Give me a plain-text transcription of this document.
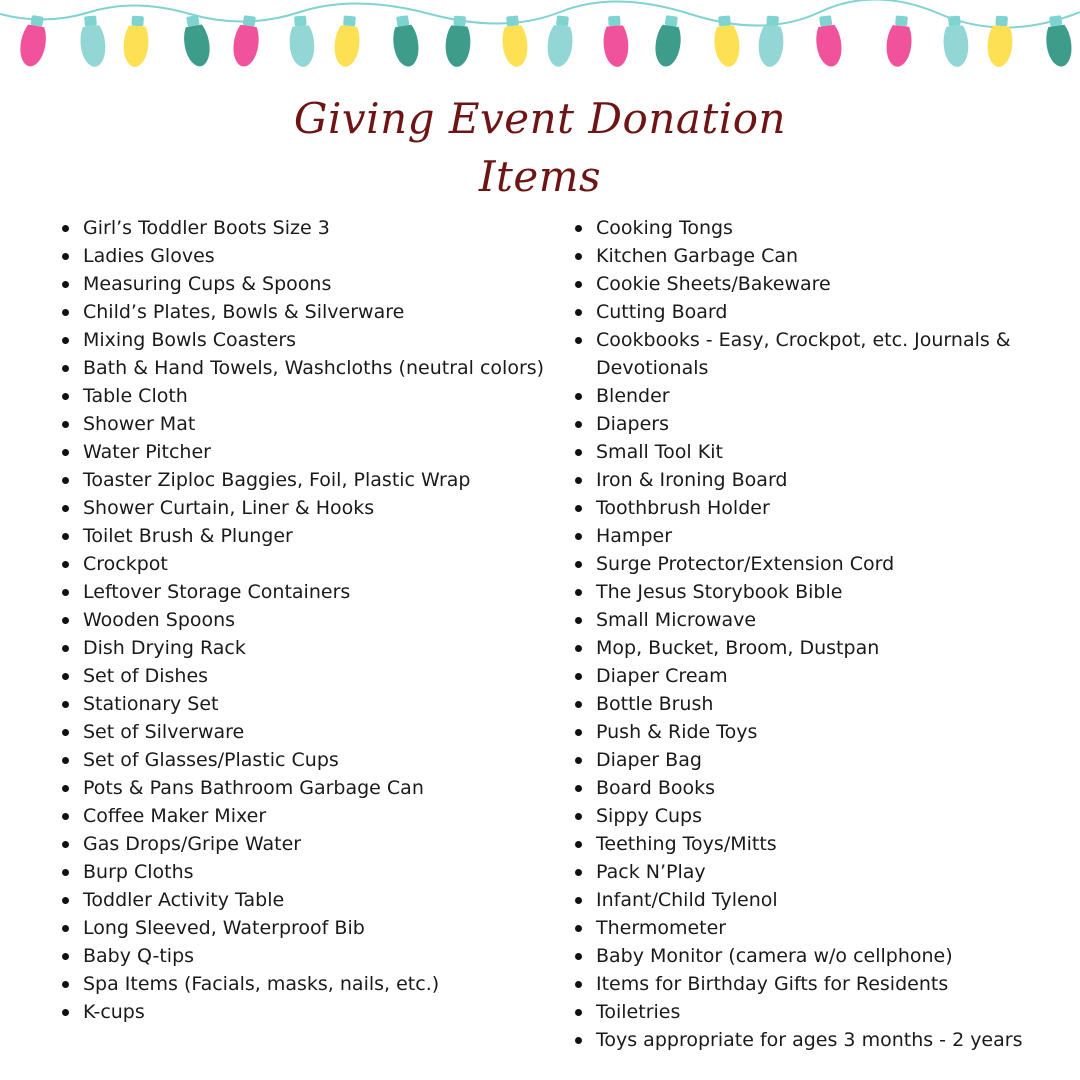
Giving Event Donation
Items
Girl’s Toddler Boots Size 3
Ladies Gloves
Measuring Cups & Spoons
Child’s Plates, Bowls & Silverware
Mixing Bowls Coasters
Bath & Hand Towels, Washcloths (neutral colors)
Table Cloth
Shower Mat
Water Pitcher
Toaster Ziploc Baggies, Foil, Plastic Wrap
Shower Curtain, Liner & Hooks
Toilet Brush & Plunger
Crockpot
Leftover Storage Containers
Wooden Spoons
Dish Drying Rack
Set of Dishes
Stationary Set
Set of Silverware
Set of Glasses/Plastic Cups
Pots & Pans Bathroom Garbage Can
Coffee Maker Mixer
Gas Drops/Gripe Water
Burp Cloths
Toddler Activity Table
Long Sleeved, Waterproof Bib
Baby Q-tips
Spa Items (Facials, masks, nails, etc.)
K-cups
Cooking Tongs
Kitchen Garbage Can
Cookie Sheets/Bakeware
Cutting Board
Cookbooks - Easy, Crockpot, etc. Journals & Devotionals
Blender
Diapers
Small Tool Kit
Iron & Ironing Board
Toothbrush Holder
Hamper
Surge Protector/Extension Cord
The Jesus Storybook Bible
Small Microwave
Mop, Bucket, Broom, Dustpan
Diaper Cream
Bottle Brush
Push & Ride Toys
Diaper Bag
Board Books
Sippy Cups
Teething Toys/Mitts
Pack N’Play
Infant/Child Tylenol
Thermometer
Baby Monitor (camera w/o cellphone)
Items for Birthday Gifts for Residents
Toiletries
Toys appropriate for ages 3 months - 2 years
